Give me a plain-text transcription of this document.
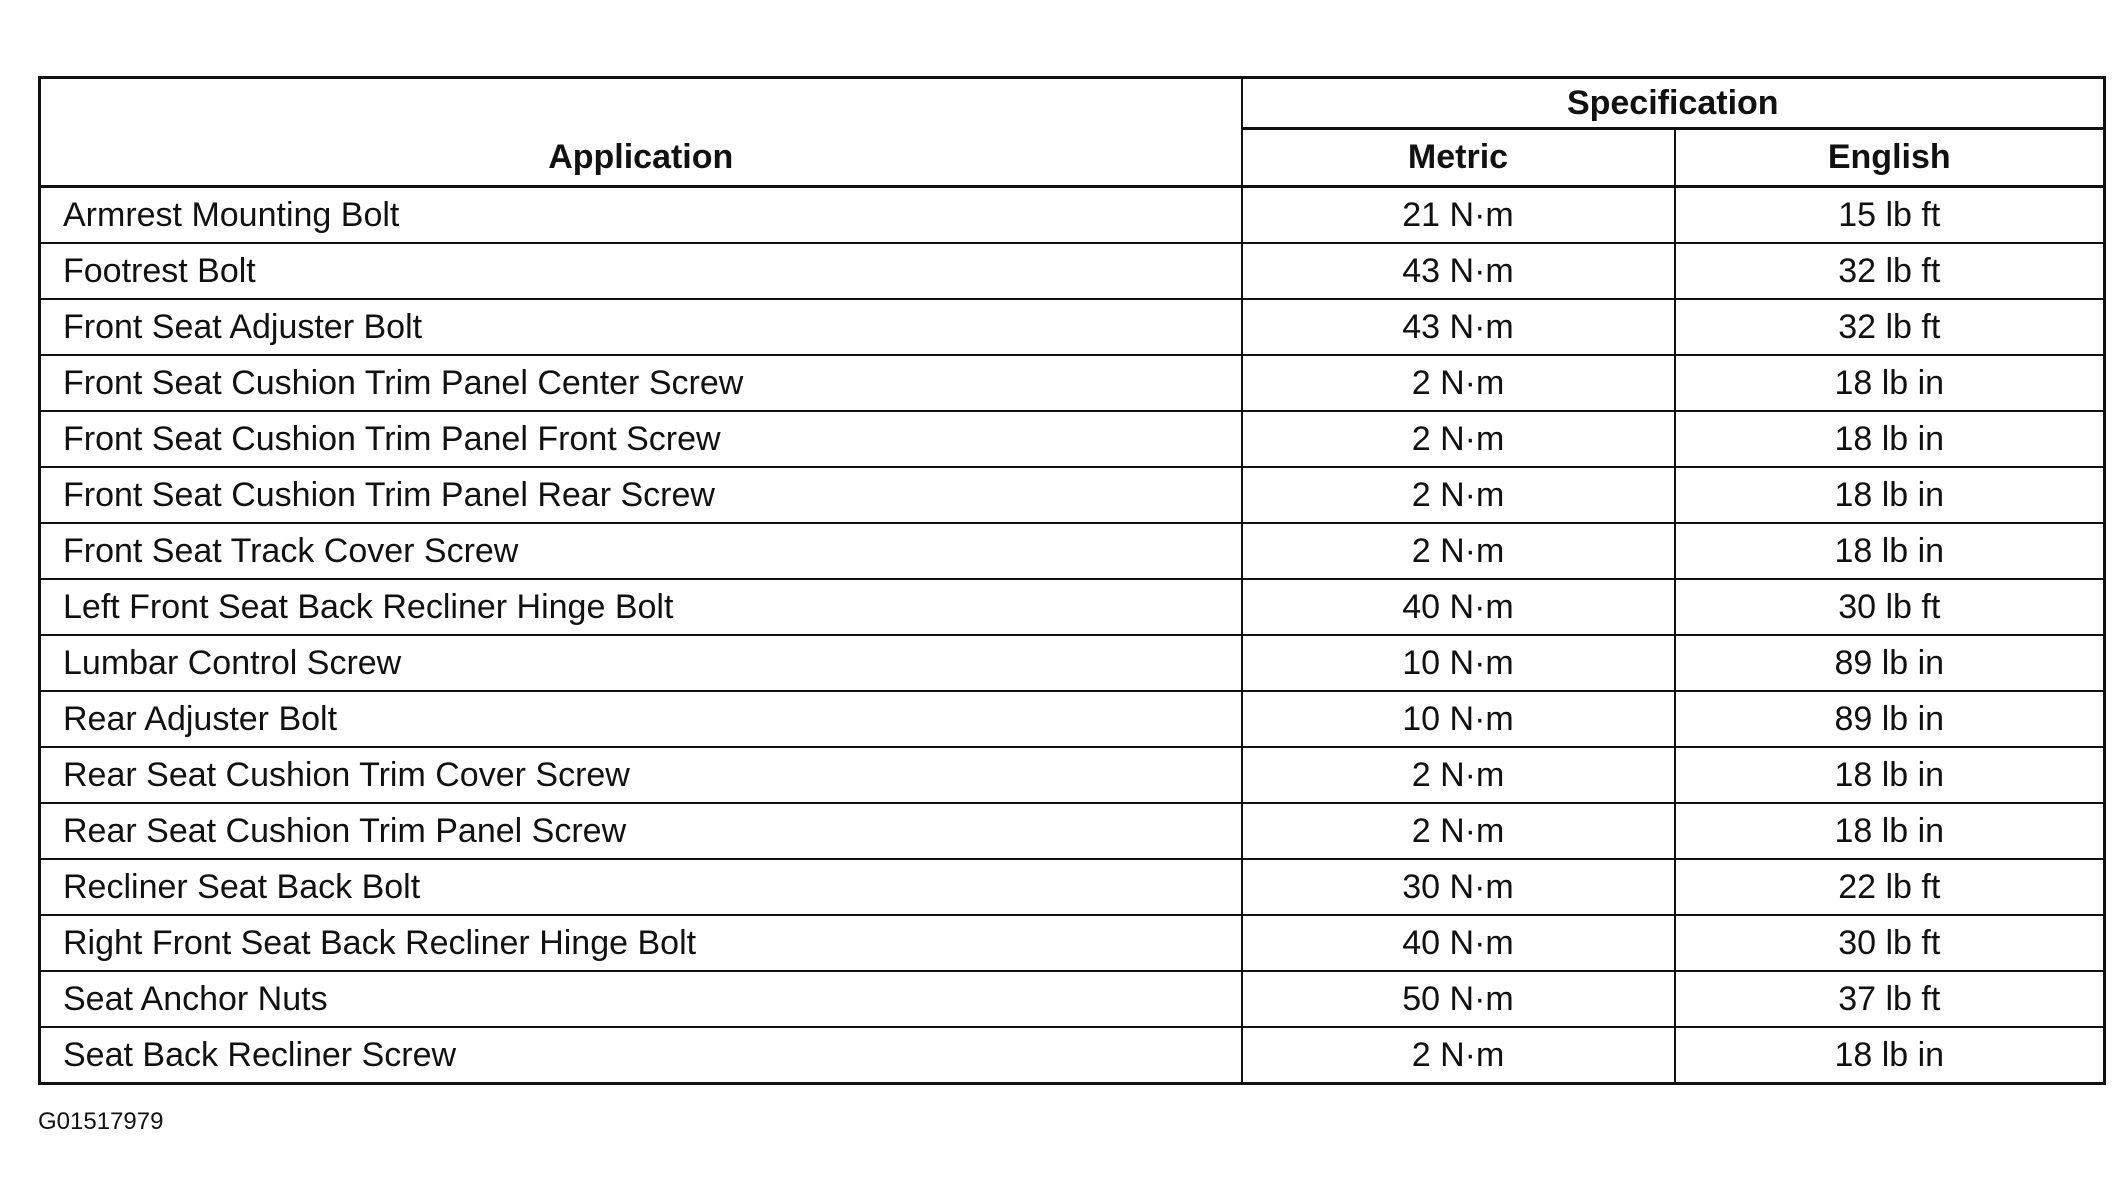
Application	Specification	
	Metric	English
Armrest Mounting Bolt	21 N·m	15 lb ft
Footrest Bolt	43 N·m	32 lb ft
Front Seat Adjuster Bolt	43 N·m	32 lb ft
Front Seat Cushion Trim Panel Center Screw	2 N·m	18 lb in
Front Seat Cushion Trim Panel Front Screw	2 N·m	18 lb in
Front Seat Cushion Trim Panel Rear Screw	2 N·m	18 lb in
Front Seat Track Cover Screw	2 N·m	18 lb in
Left Front Seat Back Recliner Hinge Bolt	40 N·m	30 lb ft
Lumbar Control Screw	10 N·m	89 lb in
Rear Adjuster Bolt	10 N·m	89 lb in
Rear Seat Cushion Trim Cover Screw	2 N·m	18 lb in
Rear Seat Cushion Trim Panel Screw	2 N·m	18 lb in
Recliner Seat Back Bolt	30 N·m	22 lb ft
Right Front Seat Back Recliner Hinge Bolt	40 N·m	30 lb ft
Seat Anchor Nuts	50 N·m	37 lb ft
Seat Back Recliner Screw	2 N·m	18 lb in
G01517979
